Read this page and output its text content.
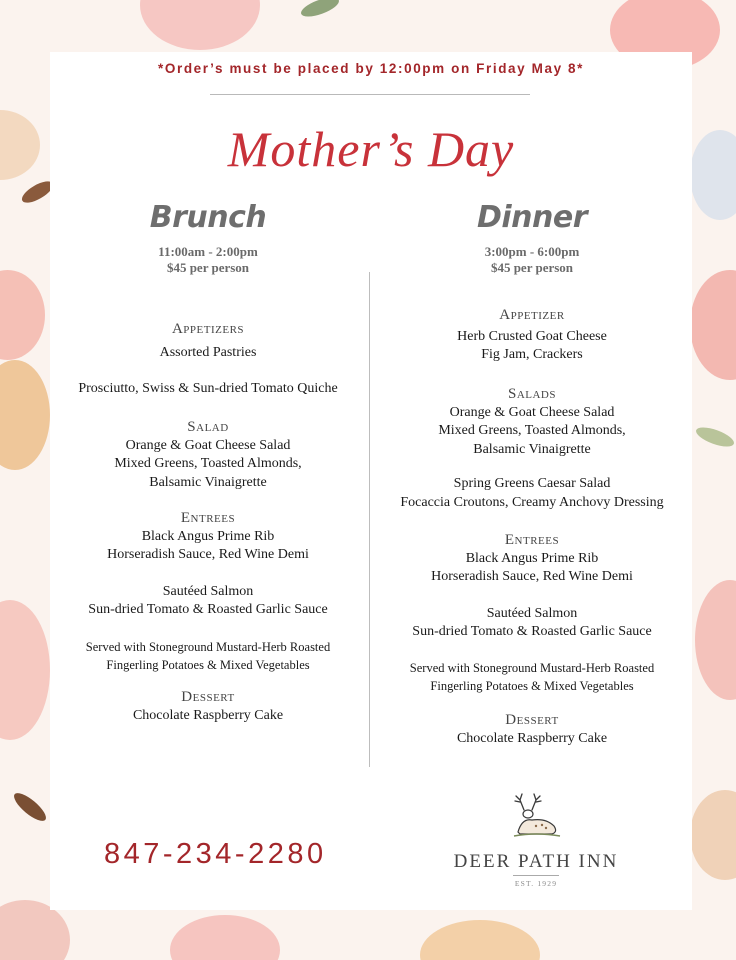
*Order’s must be placed by 12:00pm on Friday May 8*
Mother’s Day
Brunch
11:00am - 2:00pm
$45 per person
Appetizers
Assorted Pastries
Prosciutto, Swiss & Sun-dried Tomato Quiche
Salad
Orange & Goat Cheese Salad
Mixed Greens, Toasted Almonds,
Balsamic Vinaigrette
Entrees
Black Angus Prime Rib
Horseradish Sauce, Red Wine Demi
Sautéed Salmon
Sun-dried Tomato & Roasted Garlic Sauce
Served with Stoneground Mustard-Herb Roasted
Fingerling Potatoes & Mixed Vegetables
Dessert
Chocolate Raspberry Cake
Dinner
3:00pm - 6:00pm
$45 per person
Appetizer
Herb Crusted Goat Cheese
Fig Jam, Crackers
Salads
Orange & Goat Cheese Salad
Mixed Greens, Toasted Almonds,
Balsamic Vinaigrette
Spring Greens Caesar Salad
Focaccia Croutons, Creamy Anchovy Dressing
Entrees
Black Angus Prime Rib
Horseradish Sauce, Red Wine Demi
Sautéed Salmon
Sun-dried Tomato & Roasted Garlic Sauce
Served with Stoneground Mustard-Herb Roasted
Fingerling Potatoes & Mixed Vegetables
Dessert
Chocolate Raspberry Cake
847-234-2280	DEER PATH INN
EST. 1929
